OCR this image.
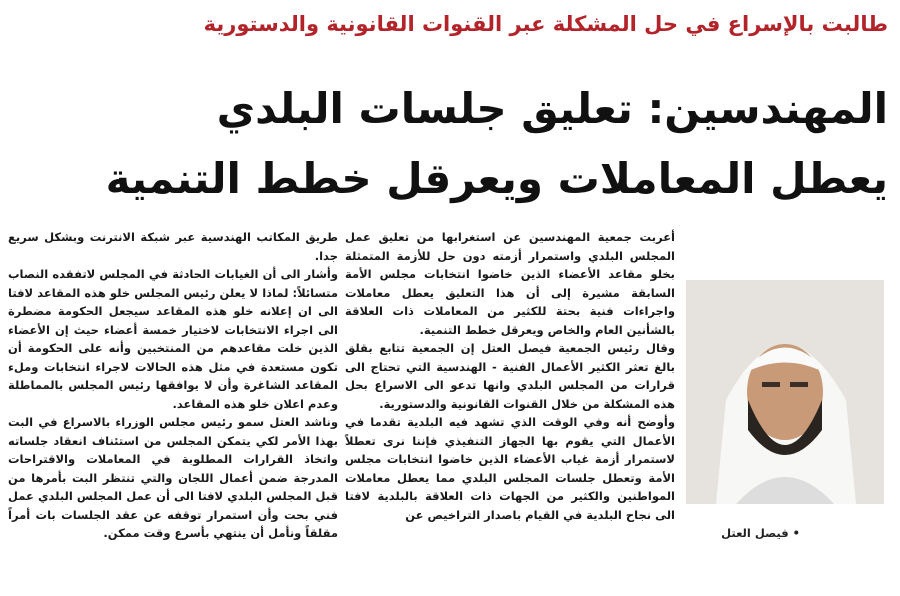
طالبت بالإسراع في حل المشكلة عبر القنوات القانونية والدستورية
المهندسين: تعليق جلسات البلدي
يعطل المعاملات ويعرقل خطط التنمية

أعربت جمعية المهندسين عن استغرابها من تعليق عمل المجلس البلدي واستمرار أزمته دون حل للأزمة المتمثلة بخلو مقاعد الأعضاء الذين خاضوا انتخابات مجلس الأمة السابقة مشيرة إلى أن هذا التعليق يعطل معاملات واجراءات فنية بحتة للكثير من المعاملات ذات العلاقة بالشأنين العام والخاص ويعرقل خطط التنمية.

وقال رئيس الجمعية فيصل العتل إن الجمعية تتابع بقلق بالغ تعثر الكثير الأعمال الفنية - الهندسية التي تحتاج الى قرارات من المجلس البلدي وانها تدعو الى الاسراع بحل هذه المشكلة من خلال القنوات القانونية والدستورية.

وأوضح أنه وفي الوقت الذي تشهد فيه البلدية تقدما في الأعمال التي يقوم بها الجهاز التنفيذي فإننا نرى تعطلاً لاستمرار أزمة غياب الأعضاء الذين خاضوا انتخابات مجلس الأمة وتعطل جلسات المجلس البلدي مما يعطل معاملات المواطنين والكثير من الجهات ذات العلاقة بالبلدية لافتا الى نجاح البلدية في القيام باصدار التراخيص عن

طريق المكاتب الهندسية عبر شبكة الانترنت وبشكل سريع جدا.

وأشار الى أن الغيابات الحادثة في المجلس لاتفقده النصاب متسائلاً: لماذا لا يعلن رئيس المجلس خلو هذه المقاعد لافتا الى ان إعلانه خلو هذه المقاعد سيجعل الحكومة مضطرة الى اجراء الانتخابات لاختيار خمسة أعضاء حيث إن الأعضاء الذين خلت مقاعدهم من المنتخبين وأنه على الحكومة أن تكون مستعدة في مثل هذه الحالات لاجراء انتخابات وملء المقاعد الشاغرة وأن لا يوافقها رئيس المجلس بالمماطلة وعدم اعلان خلو هذه المقاعد.

وناشد العتل سمو رئيس مجلس الوزراء بالاسراع في البت بهذا الأمر لكي يتمكن المجلس من استئناف انعقاد جلساته واتخاذ القرارات المطلوبة في المعاملات والاقتراحات المدرجة ضمن أعمال اللجان والتي تنتظر البت بأمرها من قبل المجلس البلدي لافتا الى أن عمل المجلس البلدي عمل فني بحت وأن استمرار توقفه عن عقد الجلسات بات أمراً مقلقاً ونأمل أن ينتهي بأسرع وقت ممكن.	• فيصل العتل
